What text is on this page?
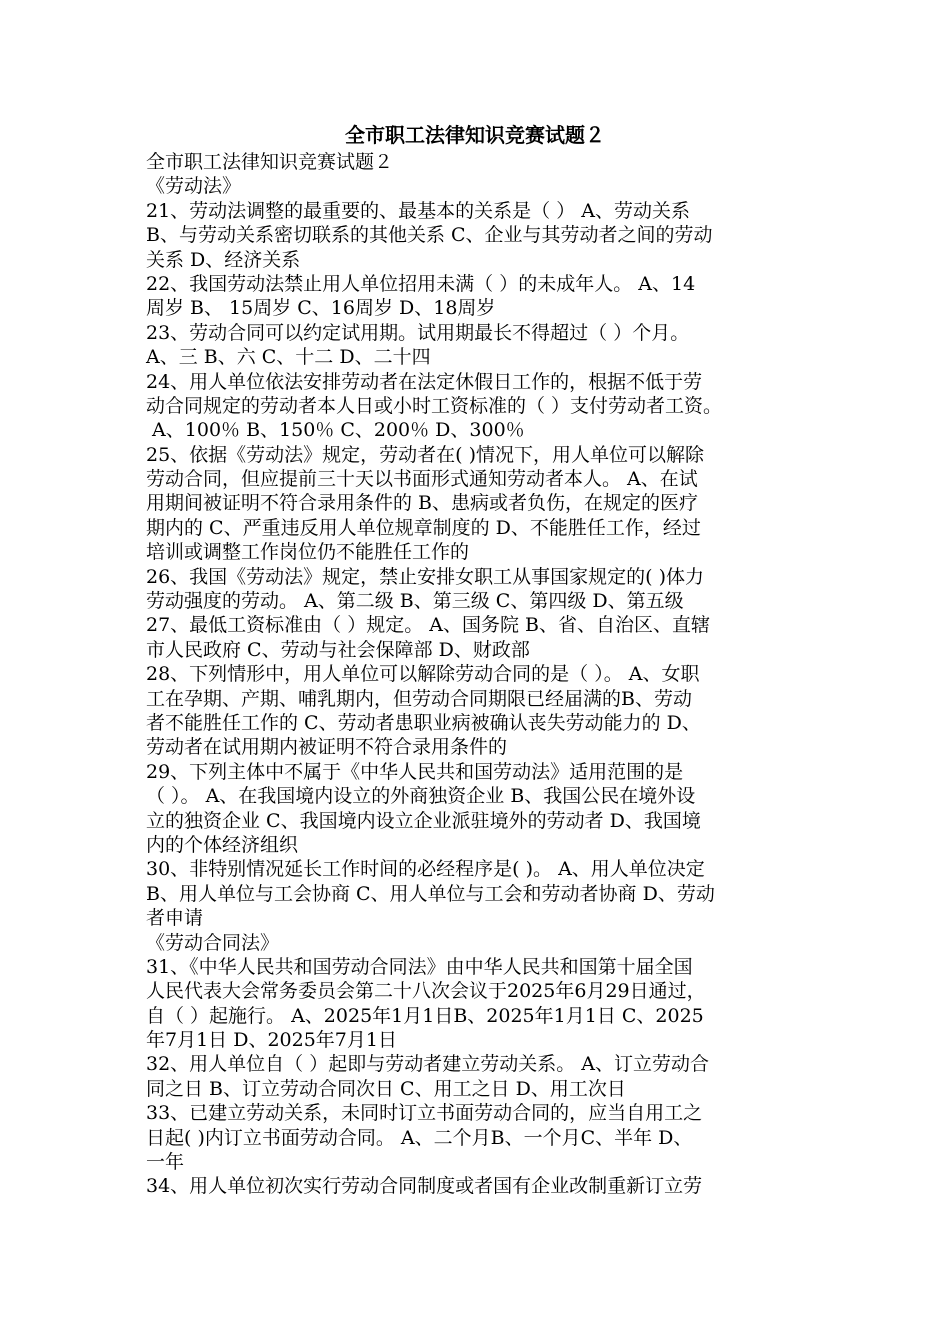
全市职工法律知识竞赛试题２
全市职工法律知识竞赛试题２
《劳动法》
21、劳动法调整的最重要的、最基本的关系是（ ） A、劳动关系
B、与劳动关系密切联系的其他关系 C、企业与其劳动者之间的劳动
关系 D、经济关系
22、我国劳动法禁止用人单位招用未满（ ）的未成年人。 A、14
周岁 B、 15周岁 C、16周岁 D、18周岁
23、劳动合同可以约定试用期。试用期最长不得超过（ ）个月。
A、三 B、六 C、十二 D、二十四
24、用人单位依法安排劳动者在法定休假日工作的，根据不低于劳
动合同规定的劳动者本人日或小时工资标准的（ ）支付劳动者工资。
A、100％ B、150％ C、200％ D、300％
25、依据《劳动法》规定，劳动者在( )情况下，用人单位可以解除
劳动合同，但应提前三十天以书面形式通知劳动者本人。 A、在试
用期间被证明不符合录用条件的 B、患病或者负伤，在规定的医疗
期内的 C、严重违反用人单位规章制度的 D、不能胜任工作，经过
培训或调整工作岗位仍不能胜任工作的
26、我国《劳动法》规定，禁止安排女职工从事国家规定的( )体力
劳动强度的劳动。 A、第二级 B、第三级 C、第四级 D、第五级
27、最低工资标准由（ ）规定。 A、国务院 B、省、自治区、直辖
市人民政府 C、劳动与社会保障部 D、财政部
28、下列情形中，用人单位可以解除劳动合同的是（ ）。 A、女职
工在孕期、产期、哺乳期内，但劳动合同期限已经届满的B、劳动
者不能胜任工作的 C、劳动者患职业病被确认丧失劳动能力的 D、
劳动者在试用期内被证明不符合录用条件的
29、下列主体中不属于《中华人民共和国劳动法》适用范围的是
（ ）。 A、在我国境内设立的外商独资企业 B、我国公民在境外设
立的独资企业 C、我国境内设立企业派驻境外的劳动者 D、我国境
内的个体经济组织
30、非特别情况延长工作时间的必经程序是( )。 A、用人单位决定
B、用人单位与工会协商 C、用人单位与工会和劳动者协商 D、劳动
者申请
《劳动合同法》
31、《中华人民共和国劳动合同法》由中华人民共和国第十届全国
人民代表大会常务委员会第二十八次会议于2025年6月29日通过，
自（ ）起施行。 A、2025年1月1日B、2025年1月1日 C、2025
年7月1日 D、2025年7月1日
32、用人单位自（ ）起即与劳动者建立劳动关系。 A、订立劳动合
同之日 B、订立劳动合同次日 C、用工之日 D、用工次日
33、已建立劳动关系，未同时订立书面劳动合同的，应当自用工之
日起( )内订立书面劳动合同。 A、二个月B、一个月C、半年 D、
一年
34、用人单位初次实行劳动合同制度或者国有企业改制重新订立劳
